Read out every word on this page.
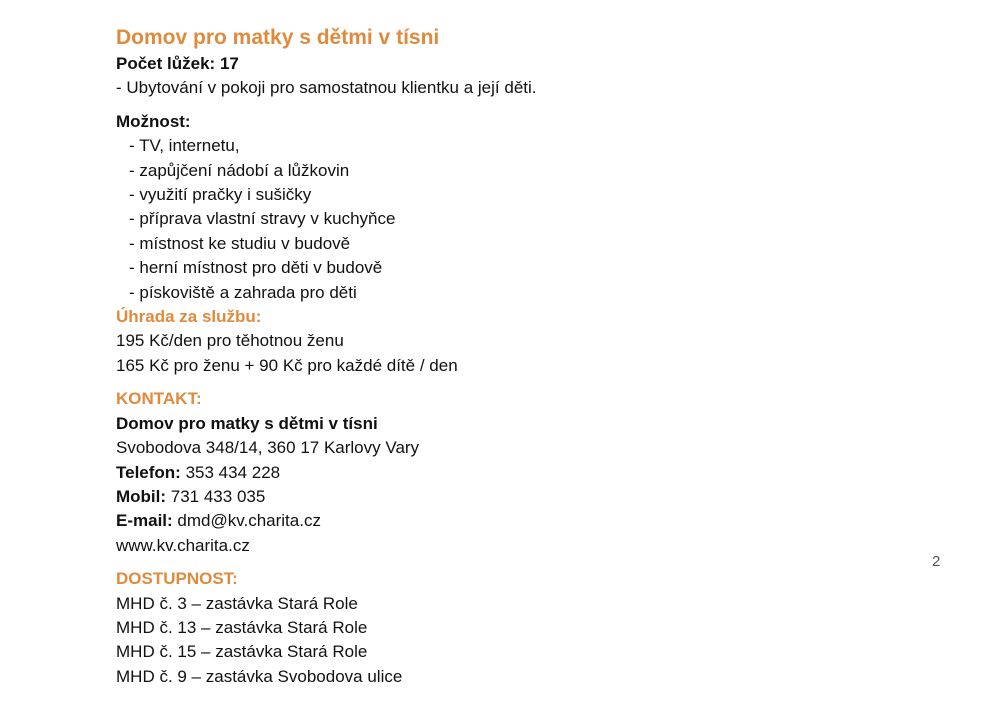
Domov pro matky s dětmi v tísni

Počet lůžek: 17

- Ubytování v pokoji pro samostatnou klientku a její děti.

Možnost:

- TV, internetu,
- zapůjčení nádobí a lůžkovin
- využití pračky i sušičky
- příprava vlastní stravy v kuchyňce
- místnost ke studiu v budově
- herní místnost pro děti v budově
- pískoviště a zahrada pro děti

Úhrada za službu:

195 Kč/den pro těhotnou ženu

165 Kč pro ženu + 90 Kč pro každé dítě / den

KONTAKT:

Domov pro matky s dětmi v tísni

Svobodova 348/14, 360 17 Karlovy Vary

Telefon: 353 434 228

Mobil: 731 433 035

E-mail: dmd@kv.charita.cz

www.kv.charita.cz

DOSTUPNOST:

MHD č. 3 – zastávka Stará Role

MHD č. 13 – zastávka Stará Role

MHD č. 15 – zastávka Stará Role

MHD č. 9 – zastávka Svobodova ulice

2
